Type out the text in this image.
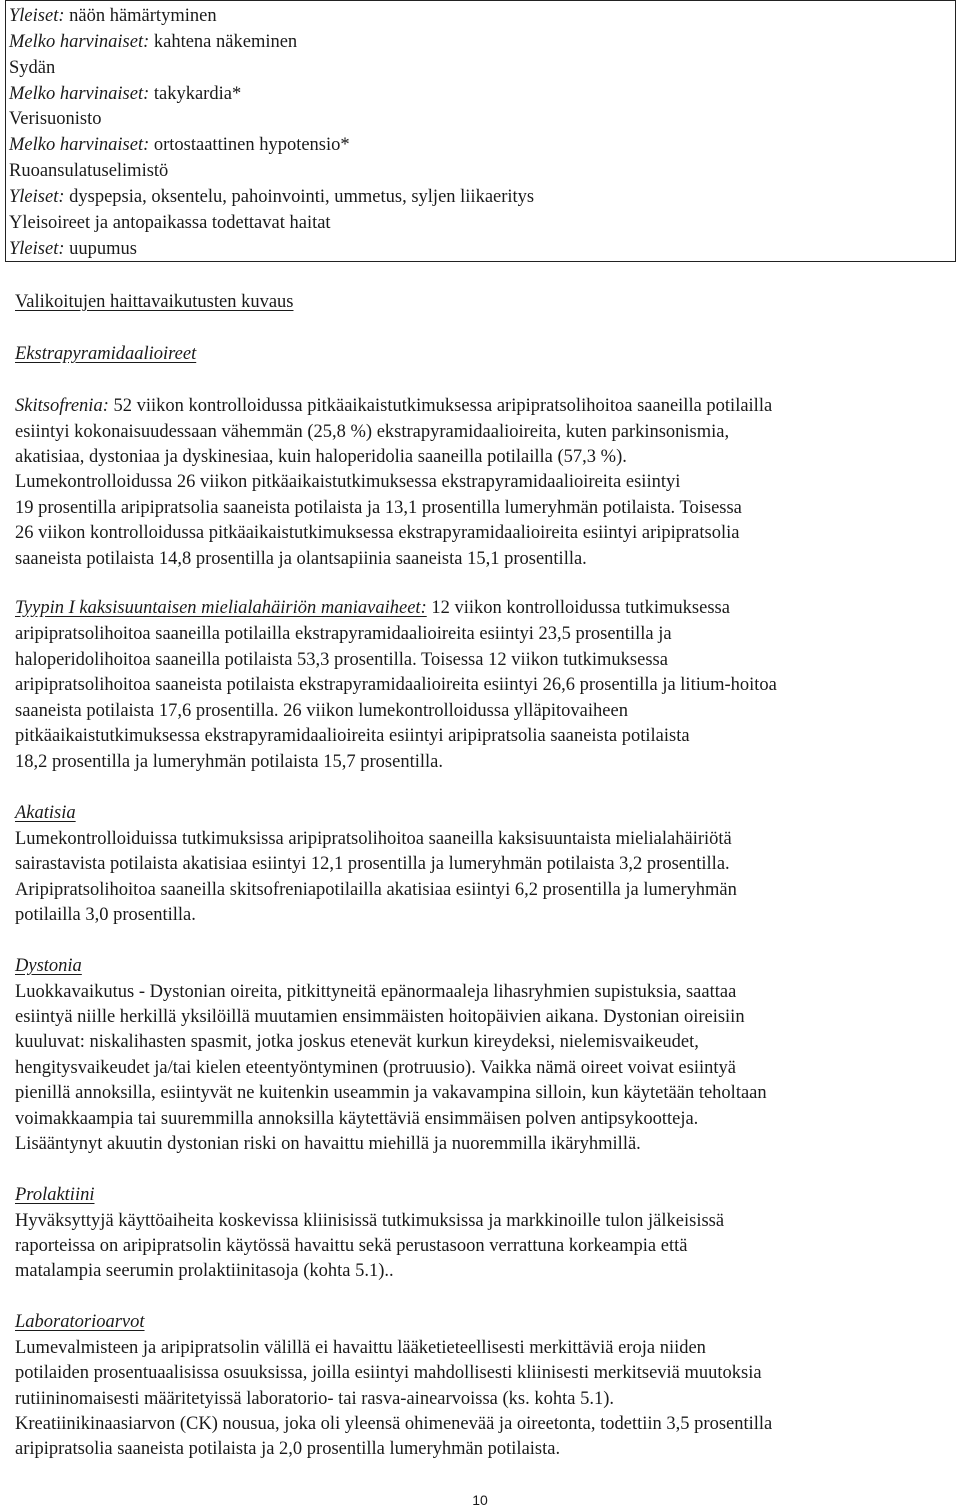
Yleiset: näön hämärtyminen
Melko harvinaiset: kahtena näkeminen
Sydän
Melko harvinaiset: takykardia*
Verisuonisto
Melko harvinaiset: ortostaattinen hypotensio*
Ruoansulatuselimistö
Yleiset: dyspepsia, oksentelu, pahoinvointi, ummetus, syljen liikaeritys
Yleisoireet ja antopaikassa todettavat haitat
Yleiset: uupumus
Valikoitujen haittavaikutusten kuvaus
Ekstrapyramidaalioireet
Skitsofrenia: 52 viikon kontrolloidussa pitkäaikaistutkimuksessa aripipratsolihoitoa saaneilla potilailla
esiintyi kokonaisuudessaan vähemmän (25,8 %) ekstrapyramidaalioireita, kuten parkinsonismia,
akatisiaa, dystoniaa ja dyskinesiaa, kuin haloperidolia saaneilla potilailla (57,3 %).
Lumekontrolloidussa 26 viikon pitkäaikaistutkimuksessa ekstrapyramidaalioireita esiintyi
19 prosentilla aripipratsolia saaneista potilaista ja 13,1 prosentilla lumeryhmän potilaista. Toisessa
26 viikon kontrolloidussa pitkäaikaistutkimuksessa ekstrapyramidaalioireita esiintyi aripipratsolia
saaneista potilaista 14,8 prosentilla ja olantsapiinia saaneista 15,1 prosentilla.
Tyypin I kaksisuuntaisen mielialahäiriön maniavaiheet: 12 viikon kontrolloidussa tutkimuksessa
aripipratsolihoitoa saaneilla potilailla ekstrapyramidaalioireita esiintyi 23,5 prosentilla ja
haloperidolihoitoa saaneilla potilaista 53,3 prosentilla. Toisessa 12 viikon tutkimuksessa
aripipratsolihoitoa saaneista potilaista ekstrapyramidaalioireita esiintyi 26,6 prosentilla ja litium-hoitoa
saaneista potilaista 17,6 prosentilla. 26 viikon lumekontrolloidussa ylläpitovaiheen
pitkäaikaistutkimuksessa ekstrapyramidaalioireita esiintyi aripipratsolia saaneista potilaista
18,2 prosentilla ja lumeryhmän potilaista 15,7 prosentilla.
Akatisia
Lumekontrolloiduissa tutkimuksissa aripipratsolihoitoa saaneilla kaksisuuntaista mielialahäiriötä
sairastavista potilaista akatisiaa esiintyi 12,1 prosentilla ja lumeryhmän potilaista 3,2 prosentilla.
Aripipratsolihoitoa saaneilla skitsofreniapotilailla akatisiaa esiintyi 6,2 prosentilla ja lumeryhmän
potilailla 3,0 prosentilla.
Dystonia
Luokkavaikutus - Dystonian oireita, pitkittyneitä epänormaaleja lihasryhmien supistuksia, saattaa
esiintyä niille herkillä yksilöillä muutamien ensimmäisten hoitopäivien aikana. Dystonian oireisiin
kuuluvat: niskalihasten spasmit, jotka joskus etenevät kurkun kireydeksi, nielemisvaikeudet,
hengitysvaikeudet ja/tai kielen eteentyöntyminen (protruusio). Vaikka nämä oireet voivat esiintyä
pienillä annoksilla, esiintyvät ne kuitenkin useammin ja vakavampina silloin, kun käytetään teholtaan
voimakkaampia tai suuremmilla annoksilla käytettäviä ensimmäisen polven antipsykootteja.
Lisääntynyt akuutin dystonian riski on havaittu miehillä ja nuoremmilla ikäryhmillä.
Prolaktiini
Hyväksyttyjä käyttöaiheita koskevissa kliinisissä tutkimuksissa ja markkinoille tulon jälkeisissä
raporteissa on aripipratsolin käytössä havaittu sekä perustasoon verrattuna korkeampia että
matalampia seerumin prolaktiinitasoja (kohta 5.1)..
Laboratorioarvot
Lumevalmisteen ja aripipratsolin välillä ei havaittu lääketieteellisesti merkittäviä eroja niiden
potilaiden prosentuaalisissa osuuksissa, joilla esiintyi mahdollisesti kliinisesti merkitseviä muutoksia
rutiininomaisesti määritetyissä laboratorio- tai rasva-ainearvoissa (ks. kohta 5.1).
Kreatiinikinaasiarvon (CK) nousua, joka oli yleensä ohimenevää ja oireetonta, todettiin 3,5 prosentilla
aripipratsolia saaneista potilaista ja 2,0 prosentilla lumeryhmän potilaista.
10
